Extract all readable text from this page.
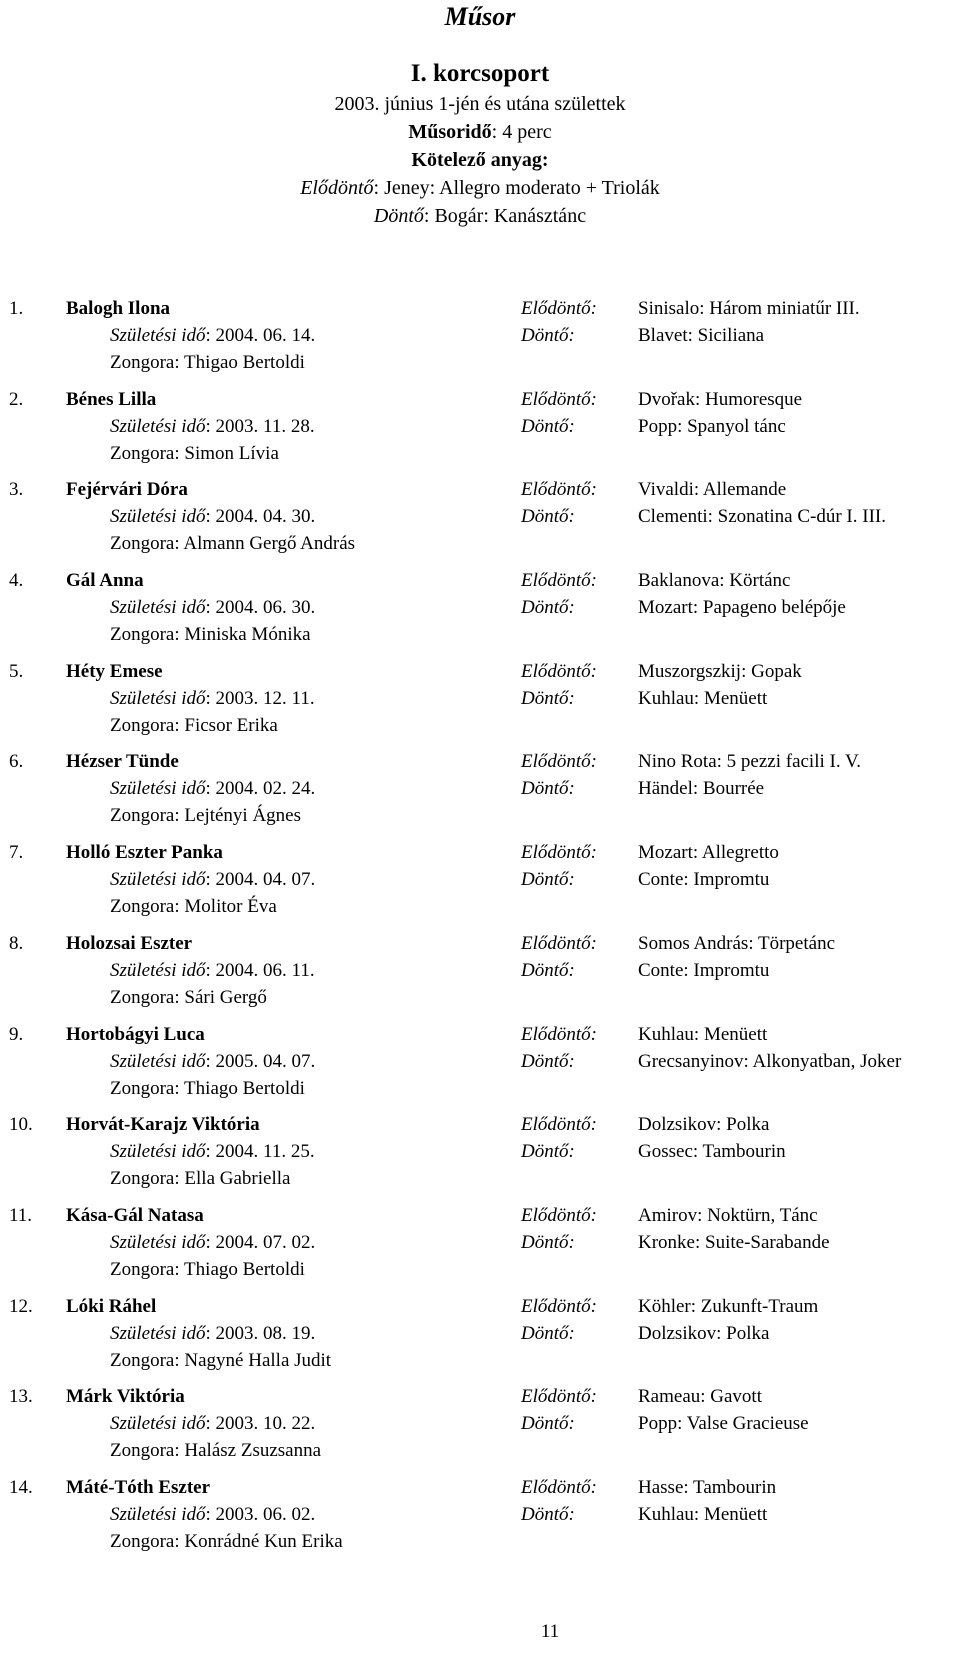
Műsor
I. korcsoport
2003. június 1-jén és utána születtek
Műsoridő: 4 perc
Kötelező anyag:
Elődöntő: Jeney: Allegro moderato + Triolák
Döntő: Bogár: Kanásztánc
1. Balogh Ilona
Születési idő: 2004. 06. 14.
Zongora: Thigao Bertoldi
Elődöntő: Sinisalo: Három miniatűr III.
Döntő:	Blavet: Siciliana
2. Bénes Lilla
Születési idő: 2003. 11. 28.
Zongora: Simon Lívia
Elődöntő: Dvořak: Humoresque
Döntő:	Popp: Spanyol tánc
3. Fejérvári Dóra
Születési idő: 2004. 04. 30.
Zongora: Almann Gergő András
Elődöntő: Vivaldi: Allemande
Döntő:	Clementi: Szonatina C-dúr I. III.
4. Gál Anna
Születési idő: 2004. 06. 30.
Zongora: Miniska Mónika
Elődöntő: Baklanova: Körtánc
Döntő:	Mozart: Papageno belépője
5. Héty Emese
Születési idő: 2003. 12. 11.
Zongora: Ficsor Erika
Elődöntő: Muszorgszkij: Gopak
Döntő:	Kuhlau: Menüett
6. Hézser Tünde
Születési idő: 2004. 02. 24.
Zongora: Lejtényi Ágnes
Elődöntő: Nino Rota: 5 pezzi facili I. V.
Döntő:	Händel: Bourrée
7. Holló Eszter Panka
Születési idő: 2004. 04. 07.
Zongora: Molitor Éva
Elődöntő: Mozart: Allegretto
Döntő:	Conte: Impromtu
8. Holozsai Eszter
Születési idő: 2004. 06. 11.
Zongora: Sári Gergő
Elődöntő: Somos András: Törpetánc
Döntő:	Conte: Impromtu
9. Hortobágyi Luca
Születési idő: 2005. 04. 07.
Zongora: Thiago Bertoldi
Elődöntő: Kuhlau: Menüett
Döntő:	Grecsanyinov: Alkonyatban, Joker
10. Horvát-Karajz Viktória
Születési idő: 2004. 11. 25.
Zongora: Ella Gabriella
Elődöntő: Dolzsikov: Polka
Döntő:	Gossec: Tambourin
11. Kása-Gál Natasa
Születési idő: 2004. 07. 02.
Zongora: Thiago Bertoldi
Elődöntő: Amirov: Noktürn, Tánc
Döntő:	Kronke: Suite-Sarabande
12. Lóki Ráhel
Születési idő: 2003. 08. 19.
Zongora: Nagyné Halla Judit
Elődöntő: Köhler: Zukunft-Traum
Döntő:	Dolzsikov: Polka
13. Márk Viktória
Születési idő: 2003. 10. 22.
Zongora: Halász Zsuzsanna
Elődöntő: Rameau: Gavott
Döntő:	Popp: Valse Gracieuse
14. Máté-Tóth Eszter
Születési idő: 2003. 06. 02.
Zongora: Konrádné Kun Erika
Elődöntő: Hasse: Tambourin
Döntő:	Kuhlau: Menüett
11
